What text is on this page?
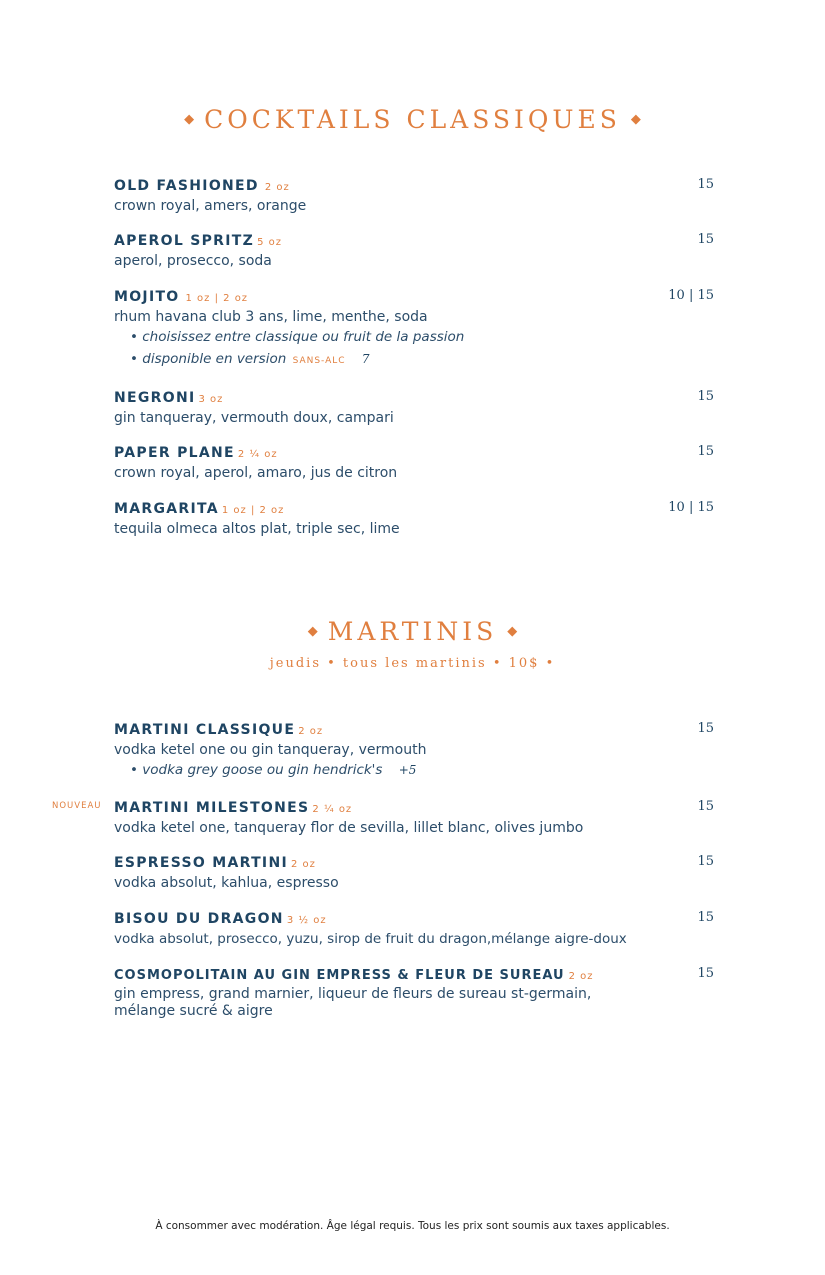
◆ COCKTAILS CLASSIQUES ◆
OLD FASHIONED 2 oz	15
crown royal, amers, orange
APEROL SPRITZ 5 oz	15
aperol, prosecco, soda
MOJITO 1 oz | 2 oz	10 | 15
rhum havana club 3 ans, lime, menthe, soda
• choisissez entre classique ou fruit de la passion
• disponible en version SANS-ALC 7
NEGRONI 3 oz	15
gin tanqueray, vermouth doux, campari
PAPER PLANE 2 ¼ oz	15
crown royal, aperol, amaro, jus de citron
MARGARITA 1 oz | 2 oz	10 | 15
tequila olmeca altos plat, triple sec, lime
◆ MARTINIS ◆
jeudis • tous les martinis • 10$ •
MARTINI CLASSIQUE 2 oz	15
vodka ketel one ou gin tanqueray, vermouth
• vodka grey goose ou gin hendrick's +5
NOUVEAU MARTINI MILESTONES 2 ¼ oz	15
vodka ketel one, tanqueray flor de sevilla, lillet blanc, olives jumbo
ESPRESSO MARTINI 2 oz	15
vodka absolut, kahlua, espresso
BISOU DU DRAGON 3 ½ oz	15
vodka absolut, prosecco, yuzu, sirop de fruit du dragon,mélange aigre-doux
COSMOPOLITAIN AU GIN EMPRESS & FLEUR DE SUREAU 2 oz	15
gin empress, grand marnier, liqueur de fleurs de sureau st-germain, mélange sucré & aigre
À consommer avec modération. Âge légal requis. Tous les prix sont soumis aux taxes applicables.
